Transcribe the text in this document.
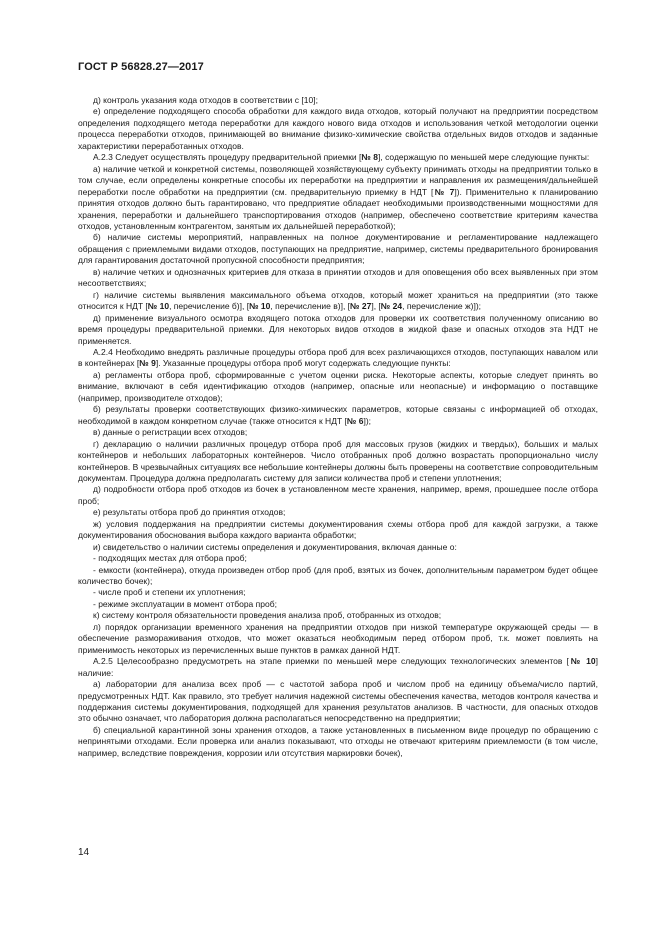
ГОСТ Р 56828.27—2017

д) контроль указания кода отходов в соответствии с [10];

е) определение подходящего способа обработки для каждого вида отходов, который получают на предприятии посредством определения подходящего метода переработки для каждого нового вида отходов и использования четкой методологии оценки процесса переработки отходов, принимающей во внимание физико-химические свойства отдельных видов отходов и заданные характеристики переработанных отходов.

А.2.3 Следует осуществлять процедуру предварительной приемки [№ 8], содержащую по меньшей мере следующие пункты:

а) наличие четкой и конкретной системы, позволяющей хозяйствующему субъекту принимать отходы на предприятии только в том случае, если определены конкретные способы их переработки на предприятии и направления их размещения/дальнейшей переработки после обработки на предприятии (см. предварительную приемку в НДТ [№ 7]). Применительно к планированию принятия отходов должно быть гарантировано, что предприятие обладает необходимыми производственными мощностями для хранения, переработки и дальнейшего транспортирования отходов (например, обеспечено соответствие критериям качества отходов, установленным контрагентом, занятым их дальнейшей переработкой);

б) наличие системы мероприятий, направленных на полное документирование и регламентирование надлежащего обращения с приемлемыми видами отходов, поступающих на предприятие, например, системы предварительного бронирования для гарантирования достаточной пропускной способности предприятия;

в) наличие четких и однозначных критериев для отказа в принятии отходов и для оповещения обо всех выявленных при этом несоответствиях;

г) наличие системы выявления максимального объема отходов, который может храниться на предприятии (это также относится к НДТ [№ 10, перечисление б)], [№ 10, перечисление в)], [№ 27], [№ 24, перечисление ж)]);

д) применение визуального осмотра входящего потока отходов для проверки их соответствия полученному описанию во время процедуры предварительной приемки. Для некоторых видов отходов в жидкой фазе и опасных отходов эта НДТ не применяется.

А.2.4 Необходимо внедрять различные процедуры отбора проб для всех различающихся отходов, поступающих навалом или в контейнерах [№ 9]. Указанные процедуры отбора проб могут содержать следующие пункты:

а) регламенты отбора проб, сформированные с учетом оценки риска. Некоторые аспекты, которые следует принять во внимание, включают в себя идентификацию отходов (например, опасные или неопасные) и информацию о поставщике (например, производителе отходов);

б) результаты проверки соответствующих физико-химических параметров, которые связаны с информацией об отходах, необходимой в каждом конкретном случае (также относится к НДТ [№ 6]);

в) данные о регистрации всех отходов;

г) декларацию о наличии различных процедур отбора проб для массовых грузов (жидких и твердых), больших и малых контейнеров и небольших лабораторных контейнеров. Число отобранных проб должно возрастать пропорционально числу контейнеров. В чрезвычайных ситуациях все небольшие контейнеры должны быть проверены на соответствие сопроводительным документам. Процедура должна предполагать систему для записи количества проб и степени уплотнения;

д) подробности отбора проб отходов из бочек в установленном месте хранения, например, время, прошедшее после отбора проб;

е) результаты отбора проб до принятия отходов;

ж) условия поддержания на предприятии системы документирования схемы отбора проб для каждой загрузки, а также документирования обоснования выбора каждого варианта обработки;

и) свидетельство о наличии системы определения и документирования, включая данные о:

- подходящих местах для отбора проб;

- емкости (контейнера), откуда произведен отбор проб (для проб, взятых из бочек, дополнительным параметром будет общее количество бочек);

- числе проб и степени их уплотнения;

- режиме эксплуатации в момент отбора проб;

к) систему контроля обязательности проведения анализа проб, отобранных из отходов;

л) порядок организации временного хранения на предприятии отходов при низкой температуре окружающей среды — в обеспечение размораживания отходов, что может оказаться необходимым перед отбором проб, т.к. может повлиять на применимость некоторых из перечисленных выше пунктов в рамках данной НДТ.

А.2.5 Целесообразно предусмотреть на этапе приемки по меньшей мере следующих технологических элементов [№ 10] наличие:

а) лаборатории для анализа всех проб — с частотой забора проб и числом проб на единицу объема/число партий, предусмотренных НДТ. Как правило, это требует наличия надежной системы обеспечения качества, методов контроля качества и поддержания системы документирования, подходящей для хранения результатов анализов. В частности, для опасных отходов это обычно означает, что лаборатория должна располагаться непосредственно на предприятии;

б) специальной карантинной зоны хранения отходов, а также установленных в письменном виде процедур по обращению с непринятыми отходами. Если проверка или анализ показывают, что отходы не отвечают критериям приемлемости (в том числе, например, вследствие повреждения, коррозии или отсутствия маркировки бочек),

14
